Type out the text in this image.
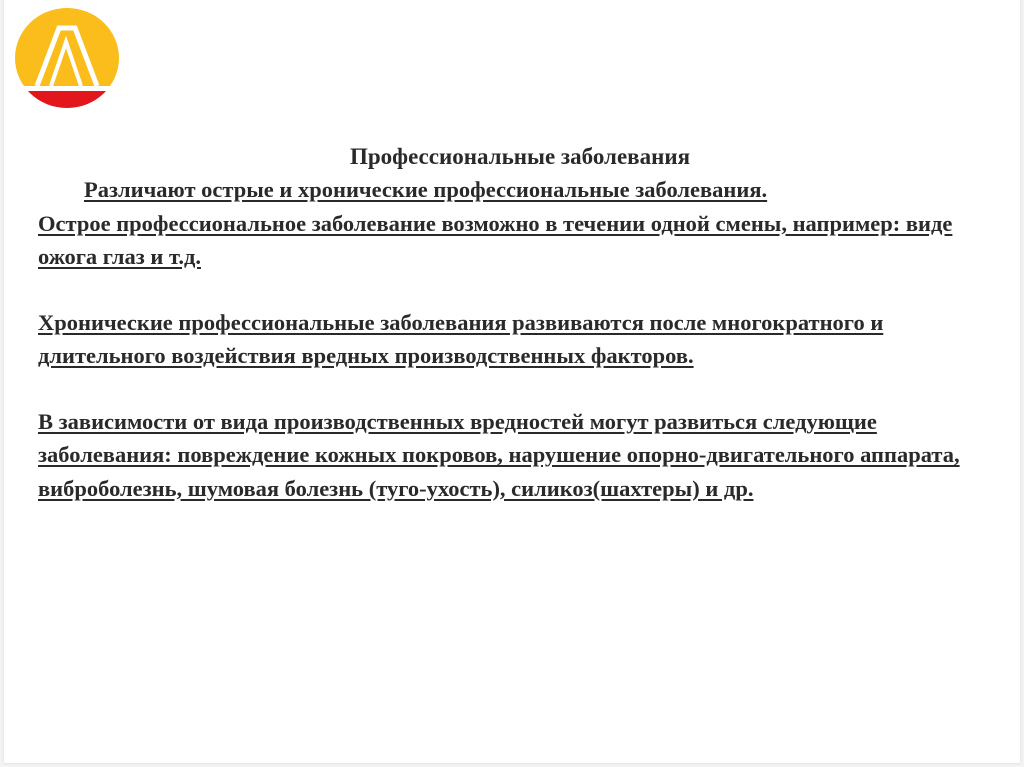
Профессиональные заболевания

Различают острые и хронические профессиональные заболевания.

Острое профессиональное заболевание возможно в течении одной смены, например: виде ожога глаз и т.д.

Хронические профессиональные заболевания развиваются после многократного и длительного воздействия вредных производственных факторов.

В зависимости от вида производственных вредностей могут развиться следующие заболевания: повреждение кожных покровов, нарушение опорно-двигательного аппарата, виброболезнь, шумовая болезнь (туго-ухость), силикоз(шахтеры) и др.
